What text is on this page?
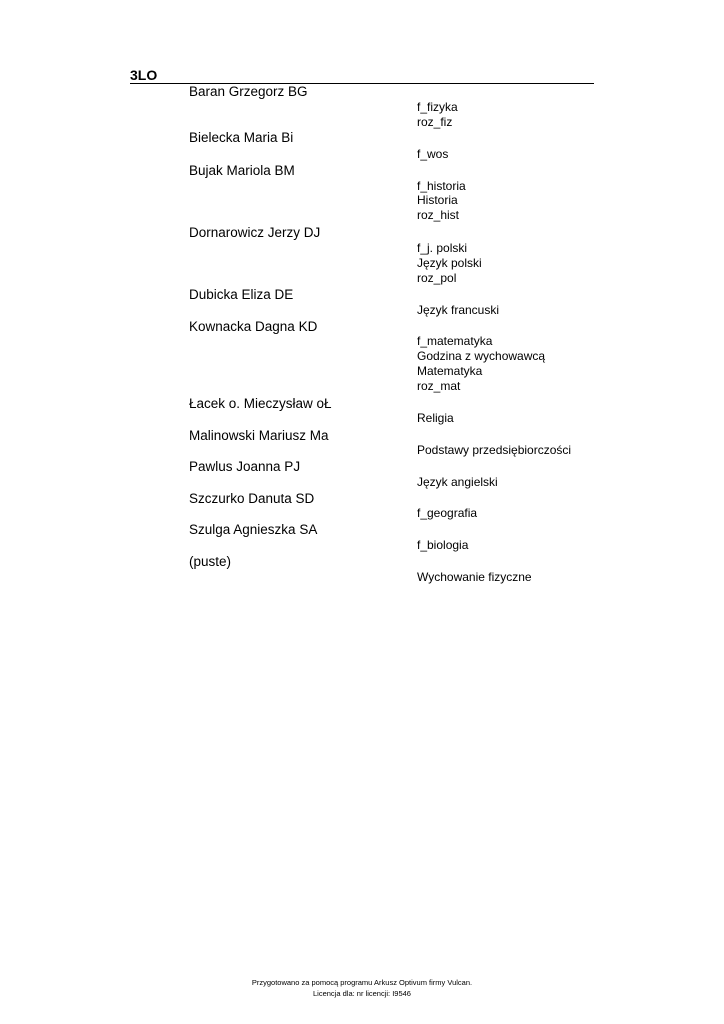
3LO
Baran Grzegorz BG
f_fizyka
roz_fiz
Bielecka Maria Bi
f_wos
Bujak Mariola BM
f_historia
Historia
roz_hist
Dornarowicz Jerzy DJ
f_j. polski
Język polski
roz_pol
Dubicka Eliza DE
Język francuski
Kownacka Dagna KD
f_matematyka
Godzina z wychowawcą
Matematyka
roz_mat
Łacek o. Mieczysław oŁ
Religia
Malinowski Mariusz Ma
Podstawy przedsiębiorczości
Pawlus Joanna PJ
Język angielski
Szczurko Danuta SD
f_geografia
Szulga Agnieszka SA
f_biologia
(puste)
Wychowanie fizyczne
Przygotowano za pomocą programu Arkusz Optivum firmy Vulcan.
Licencja dla: nr licencji: I9546
